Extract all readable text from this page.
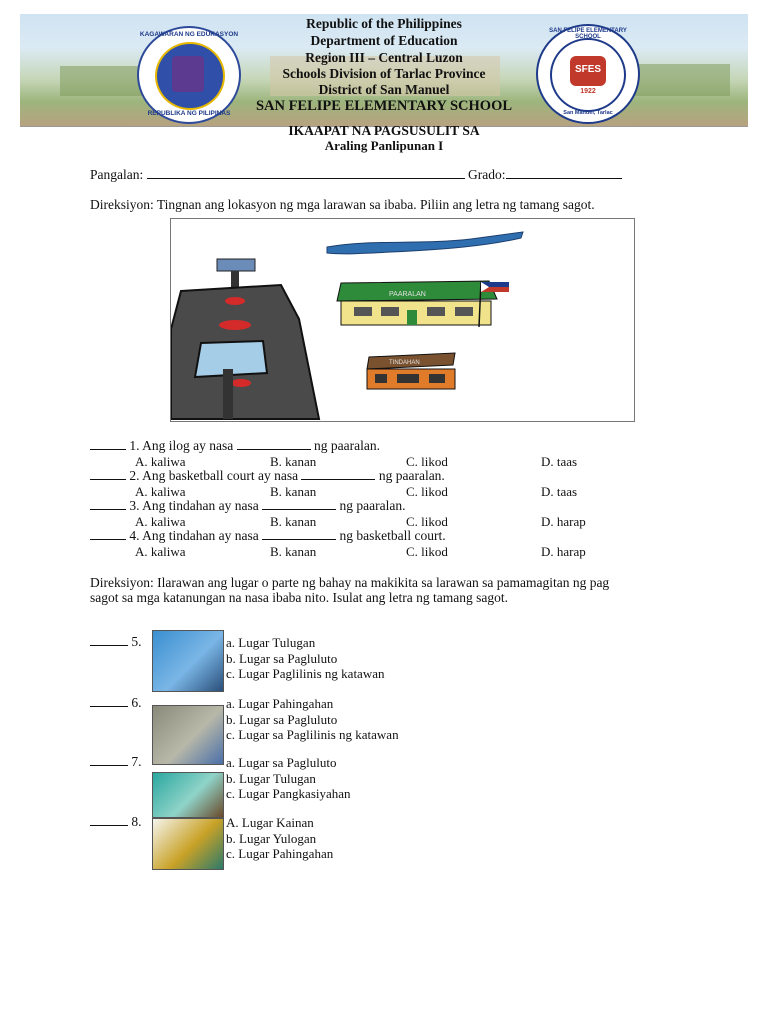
KAGAWARAN NG EDUKASYON
REPUBLIKA NG PILIPINAS
Republic of the Philippines
Department of Education
Region III – Central Luzon
Schools Division of Tarlac Province
District of San Manuel
SAN FELIPE ELEMENTARY SCHOOL
SAN FELIPE ELEMENTARY SCHOOL
SFES
1922
San Manuel, Tarlac
IKAAPAT NA PAGSUSULIT SA
Araling Panlipunan I
Pangalan:	Grado:
Direksiyon: Tingnan ang lokasyon ng mga larawan sa ibaba. Piliin ang letra ng tamang sagot.
PAARALAN
TINDAHAN
1. Ang ilog ay nasa	ng paaralan.
A. kaliwa	B. kanan	C. likod	D. taas
2. Ang basketball court ay nasa	ng paaralan.
A. kaliwa	B. kanan	C. likod	D. taas
3. Ang tindahan ay nasa	ng paaralan.
A. kaliwa	B. kanan	C. likod	D. harap
4. Ang tindahan ay nasa	ng basketball court.
A. kaliwa	B. kanan	C. likod	D. harap
Direksiyon: Ilarawan ang lugar o parte ng bahay na makikita sa larawan sa pamamagitan ng pag
sagot sa mga katanungan na nasa ibaba nito. Isulat ang letra ng tamang sagot.
5.	a. Lugar Tulugan
b. Lugar sa Pagluluto
c. Lugar Paglilinis ng katawan
6.	a. Lugar Pahingahan
b. Lugar sa Pagluluto
c. Lugar sa Paglilinis ng katawan
7.	a. Lugar sa Pagluluto
b. Lugar Tulugan
c. Lugar Pangkasiyahan
8.	A. Lugar Kainan
b. Lugar Yulogan
c. Lugar Pahingahan
